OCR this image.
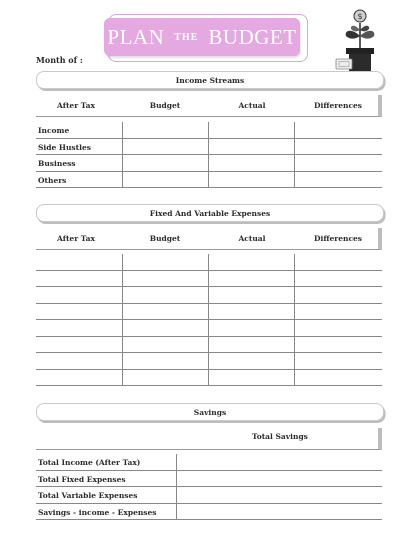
PLAN THE BUDGET
$
Month of :
Income Streams
After Tax	Budget	Actual	Differences
Income
Side Hustles
Business
Others
Fixed And Variable Expenses
After Tax	Budget	Actual	Differences
Savings
Total Savings
Total Income (After Tax)
Total Fixed Expenses
Total Variable Expenses
Savings - income - Expenses
